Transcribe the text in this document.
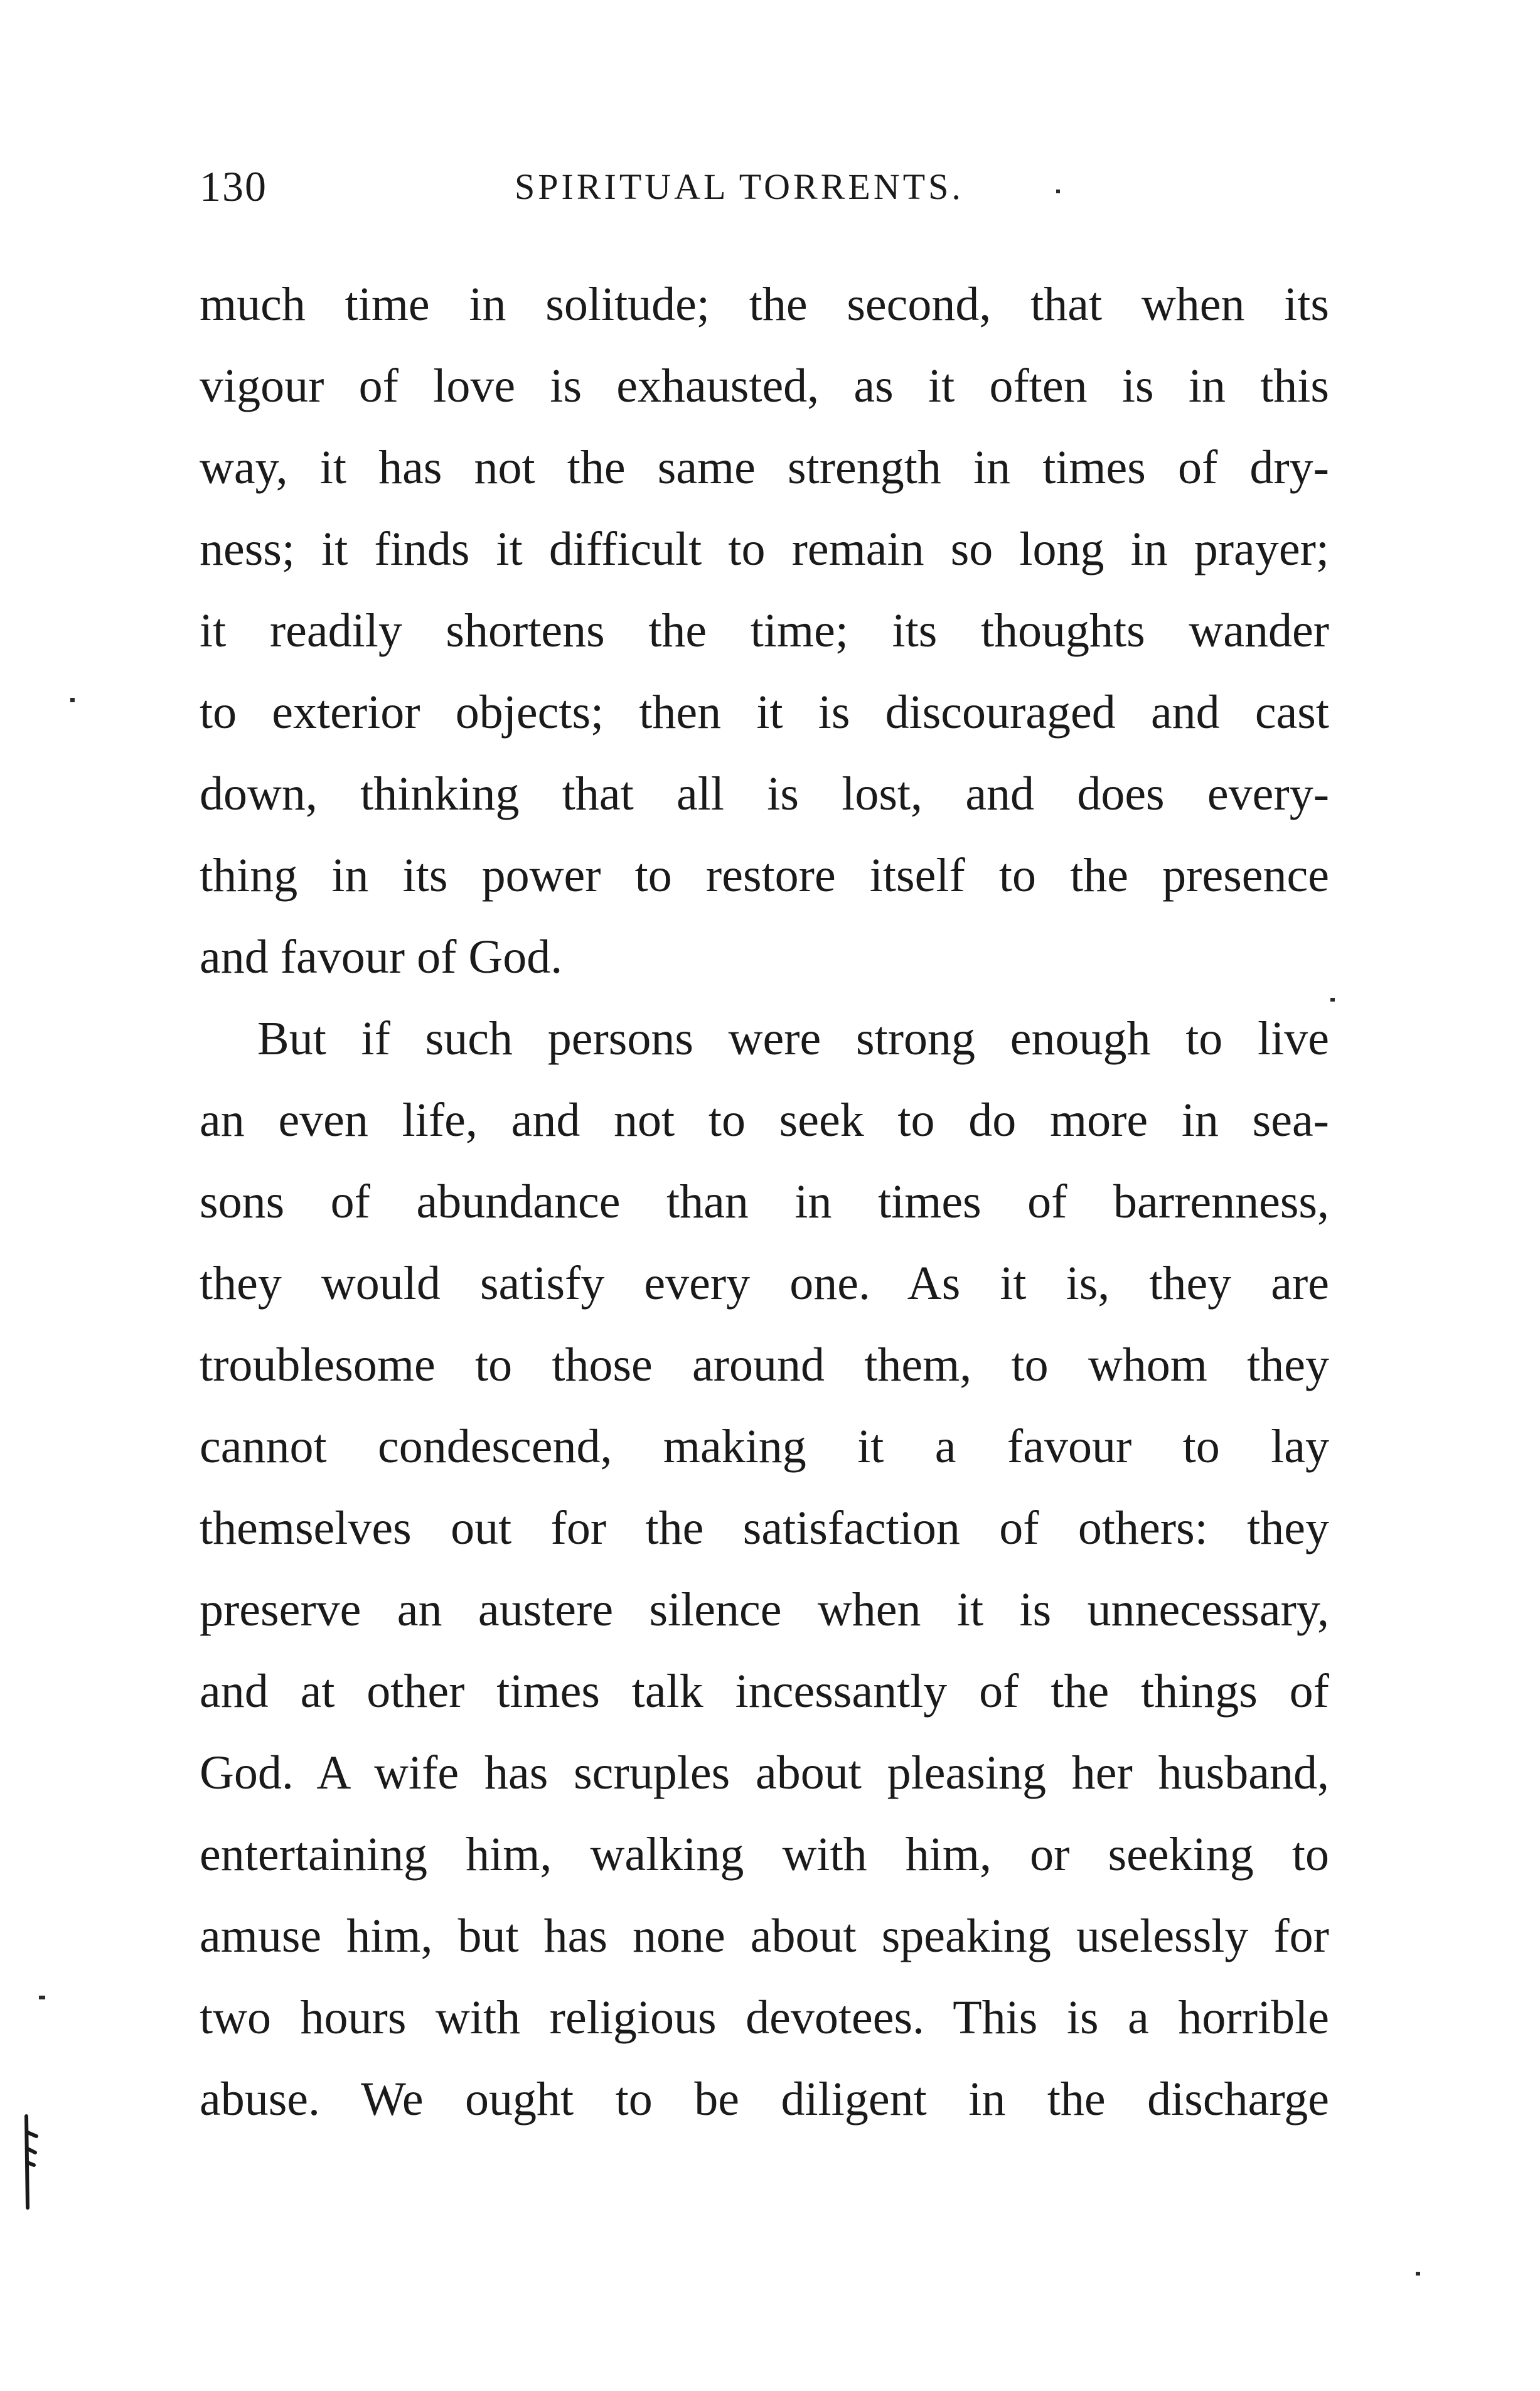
130	SPIRITUAL TORRENTS.
much time in solitude; the second, that when its
vigour of love is exhausted, as it often is in this
way, it has not the same strength in times of dry-
ness; it finds it difficult to remain so long in prayer;
it readily shortens the time; its thoughts wander
to exterior objects; then it is discouraged and cast
down, thinking that all is lost, and does every-
thing in its power to restore itself to the presence
and favour of God.
But if such persons were strong enough to live
an even life, and not to seek to do more in sea-
sons of abundance than in times of barrenness,
they would satisfy every one. As it is, they are
troublesome to those around them, to whom they
cannot condescend, making it a favour to lay
themselves out for the satisfaction of others: they
preserve an austere silence when it is unnecessary,
and at other times talk incessantly of the things of
God. A wife has scruples about pleasing her husband,
entertaining him, walking with him, or seeking to
amuse him, but has none about speaking uselessly for
two hours with religious devotees. This is a horrible
abuse. We ought to be diligent in the discharge
